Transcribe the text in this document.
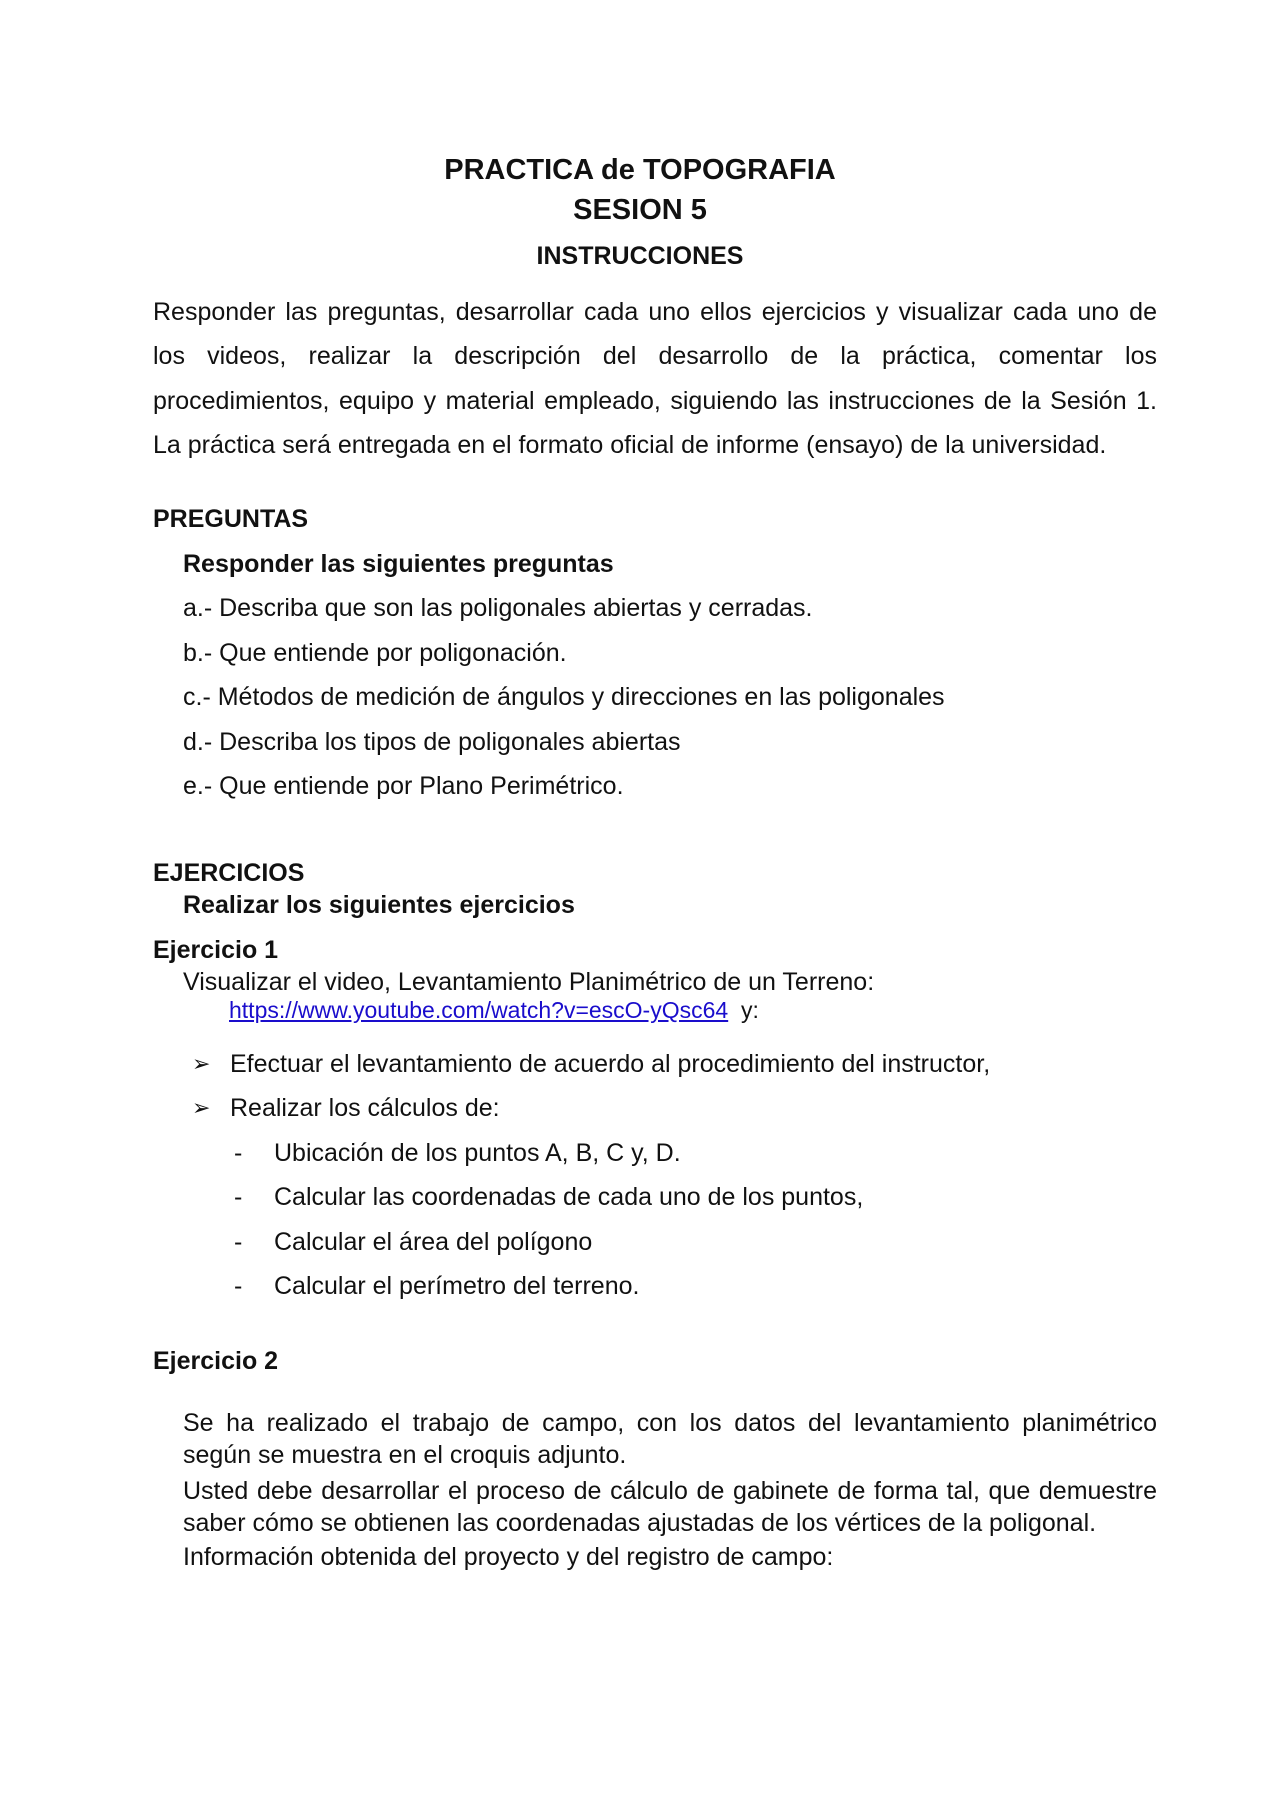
PRACTICA de TOPOGRAFIA
SESION 5
INSTRUCCIONES

Responder las preguntas, desarrollar cada uno ellos ejercicios y visualizar cada uno de

los videos, realizar la descripción del desarrollo de la práctica, comentar los

procedimientos, equipo y material empleado, siguiendo las instrucciones de la Sesión 1.

La práctica será entregada en el formato oficial de informe (ensayo) de la universidad.

PREGUNTAS
Responder las siguientes preguntas

a.- Describa que son las poligonales abiertas y cerradas.

b.- Que entiende por poligonación.

c.- Métodos de medición de ángulos y direcciones en las poligonales

d.- Describa los tipos de poligonales abiertas

e.- Que entiende por Plano Perimétrico.

EJERCICIOS
Realizar los siguientes ejercicios
Ejercicio 1

Visualizar el video, Levantamiento Planimétrico de un Terreno:

https://www.youtube.com/watch?v=escO-yQsc64 y:

➢ Efectuar el levantamiento de acuerdo al procedimiento del instructor,

➢ Realizar los cálculos de:

- Ubicación de los puntos A, B, C y, D.

- Calcular las coordenadas de cada uno de los puntos,

- Calcular el área del polígono

- Calcular el perímetro del terreno.

Ejercicio 2

Se ha realizado el trabajo de campo, con los datos del levantamiento planimétrico

según se muestra en el croquis adjunto.

Usted debe desarrollar el proceso de cálculo de gabinete de forma tal, que demuestre

saber cómo se obtienen las coordenadas ajustadas de los vértices de la poligonal.

Información obtenida del proyecto y del registro de campo:
